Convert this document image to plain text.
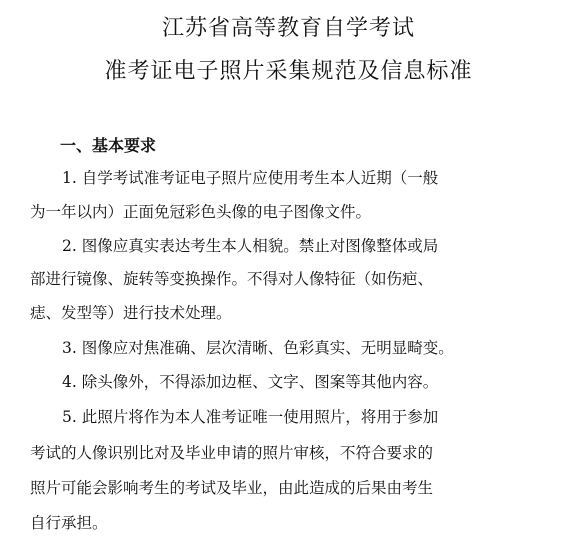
江苏省高等教育自学考试
准考证电子照片采集规范及信息标准
一、基本要求
1. 自学考试准考证电子照片应使用考生本人近期（一般
为一年以内）正面免冠彩色头像的电子图像文件。
2. 图像应真实表达考生本人相貌。禁止对图像整体或局
部进行镜像、旋转等变换操作。不得对人像特征（如伤疤、
痣、发型等）进行技术处理。
3. 图像应对焦准确、层次清晰、色彩真实、无明显畸变。
4. 除头像外，不得添加边框、文字、图案等其他内容。
5. 此照片将作为本人准考证唯一使用照片，将用于参加
考试的人像识别比对及毕业申请的照片审核，不符合要求的
照片可能会影响考生的考试及毕业，由此造成的后果由考生
自行承担。
